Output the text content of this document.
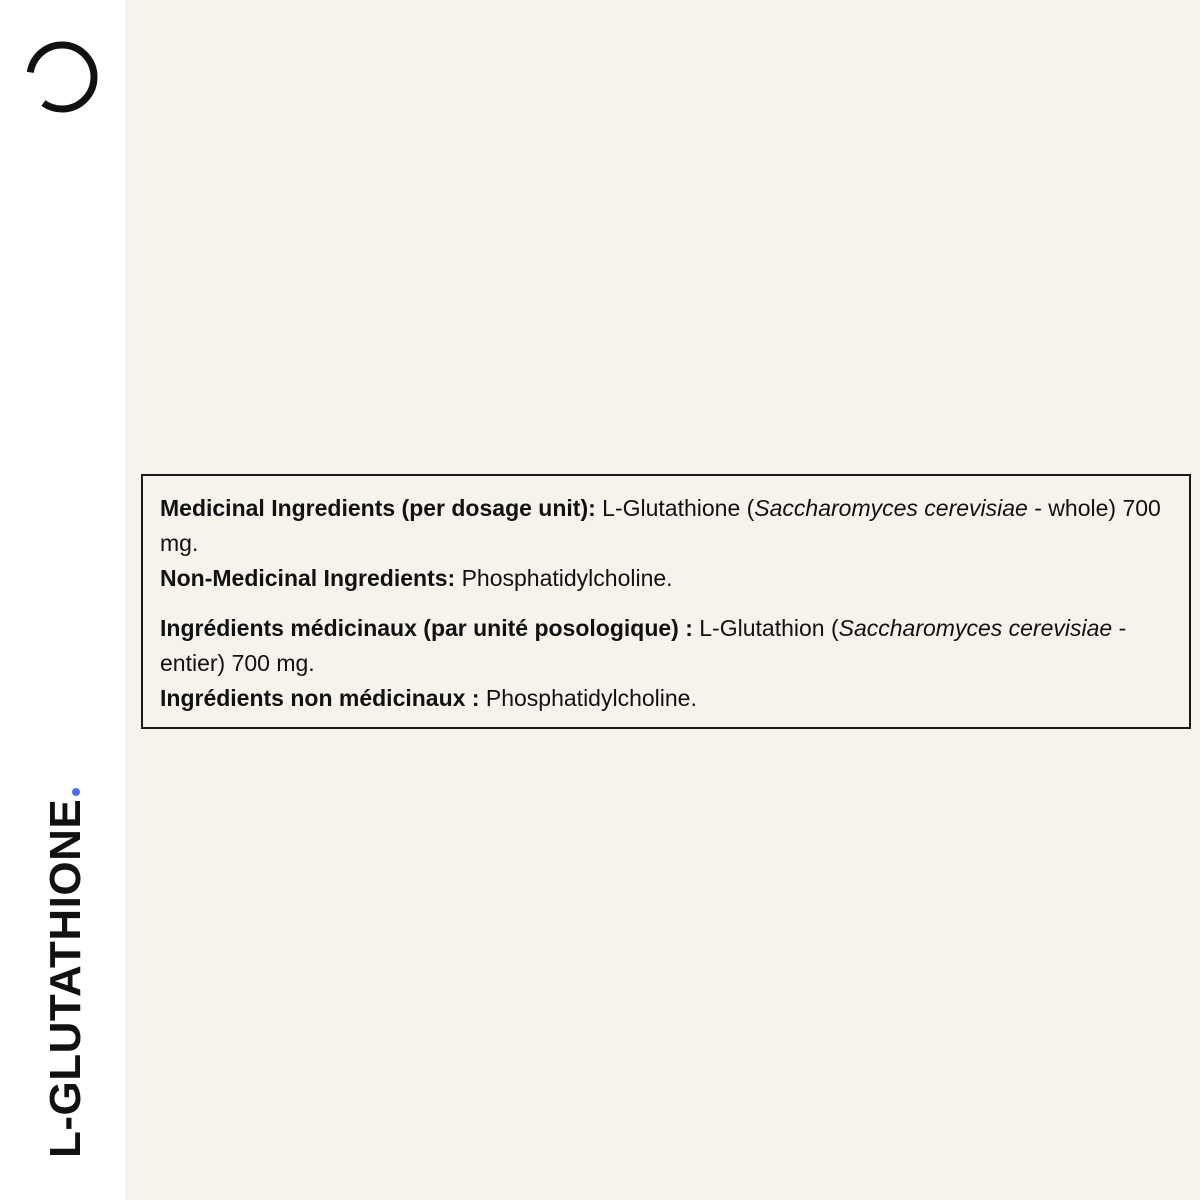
L-GLUTATHIONE

Medicinal Ingredients (per dosage unit): L-Glutathione (Saccharomyces cerevisiae - whole) 700 mg.

Non-Medicinal Ingredients: Phosphatidylcholine.

Ingrédients médicinaux (par unité posologique) : L-Glutathion (Saccharomyces cerevisiae - entier) 700 mg.

Ingrédients non médicinaux : Phosphatidylcholine.
